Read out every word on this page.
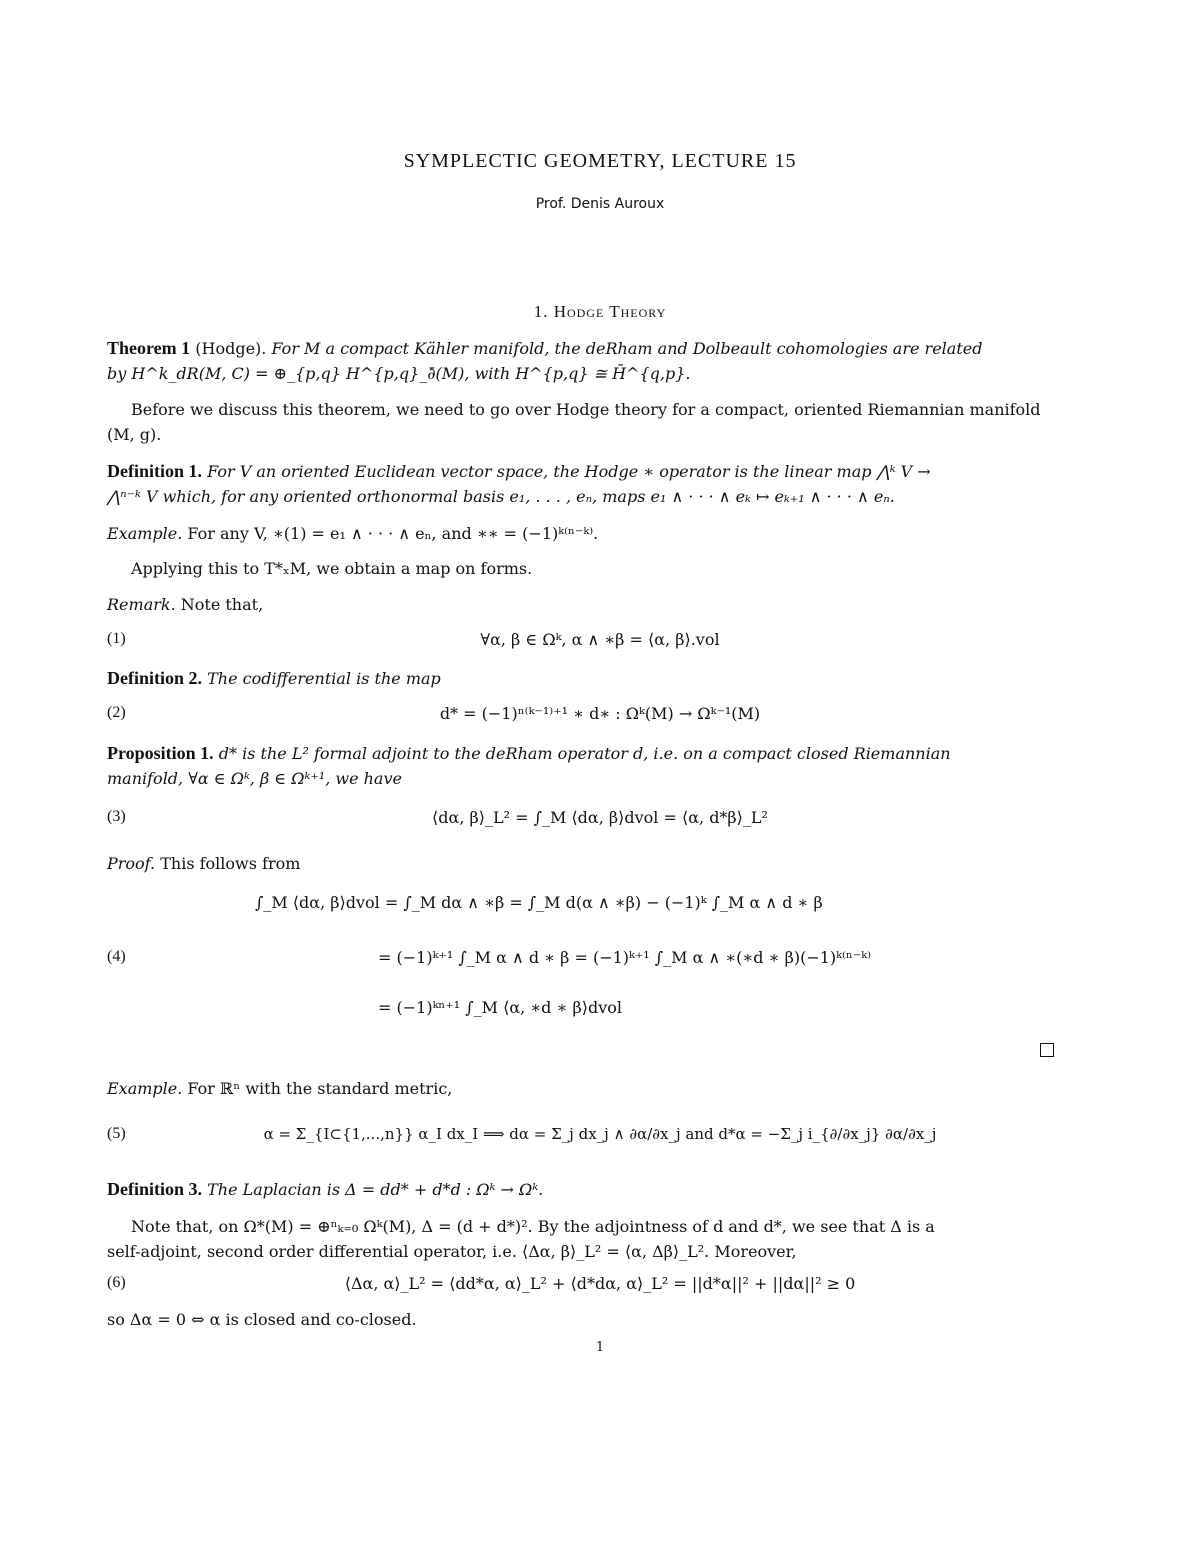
SYMPLECTIC GEOMETRY, LECTURE 15
Prof. Denis Auroux
1. Hodge Theory
Theorem 1 (Hodge). For M a compact Kähler manifold, the deRham and Dolbeault cohomologies are related
by H^k_dR(M, C) = ⊕_{p,q} H^{p,q}_∂̄(M), with H^{p,q} ≅ H̄^{q,p}.
Before we discuss this theorem, we need to go over Hodge theory for a compact, oriented Riemannian manifold
(M, g).
Definition 1. For V an oriented Euclidean vector space, the Hodge ∗ operator is the linear map ⋀ᵏ V →
⋀ⁿ⁻ᵏ V which, for any oriented orthonormal basis e₁, . . . , eₙ, maps e₁ ∧ · · · ∧ eₖ ↦ eₖ₊₁ ∧ · · · ∧ eₙ.
Example. For any V, ∗(1) = e₁ ∧ · · · ∧ eₙ, and ∗∗ = (−1)ᵏ⁽ⁿ⁻ᵏ⁾.
Applying this to T*ₓM, we obtain a map on forms.
Remark. Note that,
(1)	∀α, β ∈ Ωᵏ, α ∧ ∗β = ⟨α, β⟩.vol
Definition 2. The codifferential is the map
(2)	d* = (−1)ⁿ⁽ᵏ⁻¹⁾⁺¹ ∗ d∗ : Ωᵏ(M) → Ωᵏ⁻¹(M)
Proposition 1. d* is the L² formal adjoint to the deRham operator d, i.e. on a compact closed Riemannian
manifold, ∀α ∈ Ωᵏ, β ∈ Ωᵏ⁺¹, we have
(3)	⟨dα, β⟩_L² = ∫_M ⟨dα, β⟩dvol = ⟨α, d*β⟩_L²
Proof. This follows from
∫_M ⟨dα, β⟩dvol = ∫_M dα ∧ ∗β = ∫_M d(α ∧ ∗β) − (−1)ᵏ ∫_M α ∧ d ∗ β
(4)	= (−1)ᵏ⁺¹ ∫_M α ∧ d ∗ β = (−1)ᵏ⁺¹ ∫_M α ∧ ∗(∗d ∗ β)(−1)ᵏ⁽ⁿ⁻ᵏ⁾
= (−1)ᵏⁿ⁺¹ ∫_M ⟨α, ∗d ∗ β⟩dvol
Example. For ℝⁿ with the standard metric,
(5)	α = Σ_{I⊂{1,...,n}} α_I dx_I ⟹ dα = Σ_j dx_j ∧ ∂α/∂x_j and d*α = −Σ_j i_{∂/∂x_j} ∂α/∂x_j
Definition 3. The Laplacian is Δ = dd* + d*d : Ωᵏ → Ωᵏ.
Note that, on Ω*(M) = ⊕ⁿₖ₌₀ Ωᵏ(M), Δ = (d + d*)². By the adjointness of d and d*, we see that Δ is a
self-adjoint, second order differential operator, i.e. ⟨Δα, β⟩_L² = ⟨α, Δβ⟩_L². Moreover,
(6)	⟨Δα, α⟩_L² = ⟨dd*α, α⟩_L² + ⟨d*dα, α⟩_L² = ||d*α||² + ||dα||² ≥ 0
so Δα = 0 ⇔ α is closed and co-closed.
1
